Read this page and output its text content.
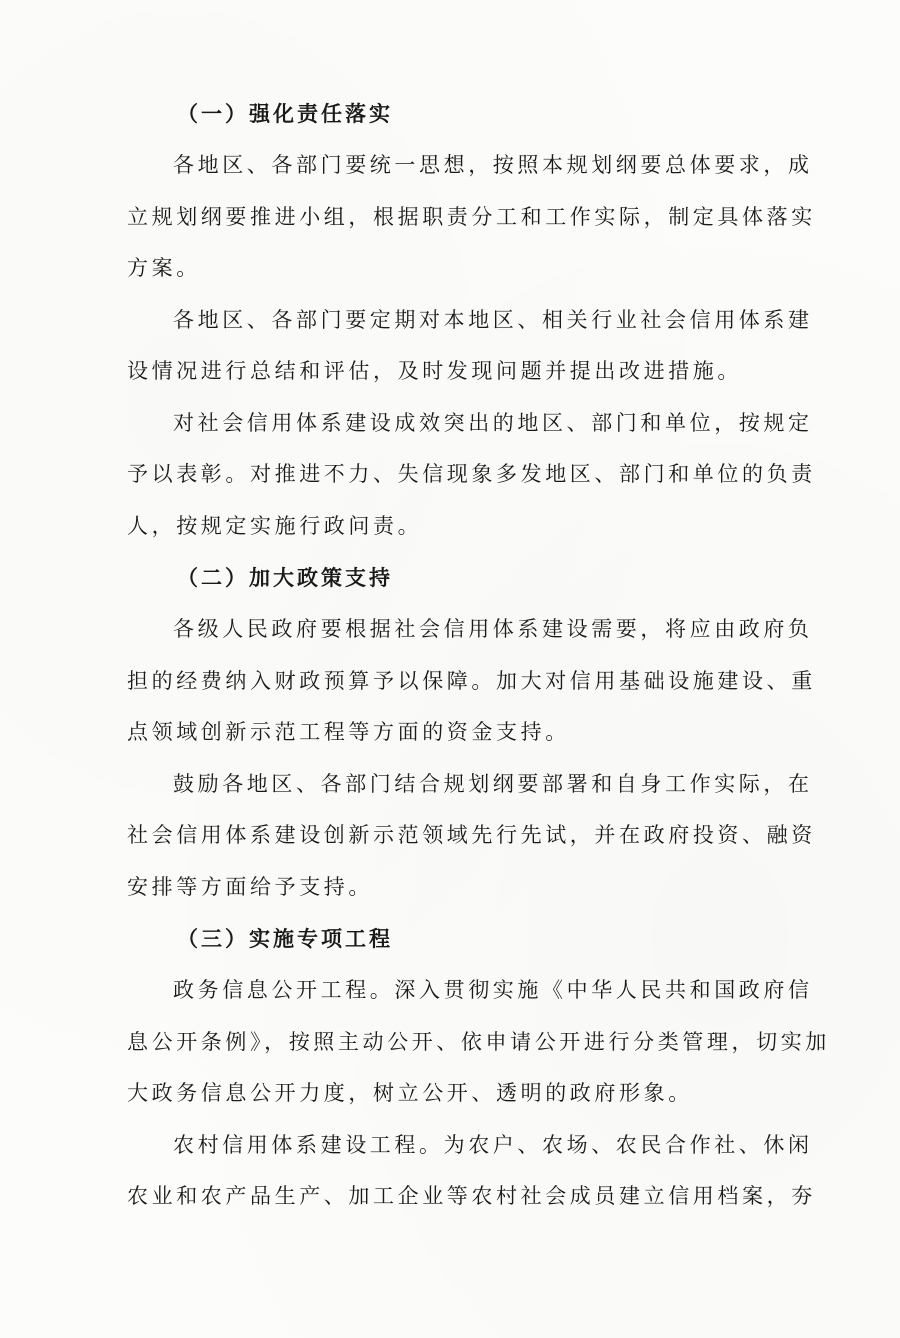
（一）强化责任落实

各地区、各部门要统一思想，按照本规划纲要总体要求，成
立规划纲要推进小组，根据职责分工和工作实际，制定具体落实
方案。

各地区、各部门要定期对本地区、相关行业社会信用体系建
设情况进行总结和评估，及时发现问题并提出改进措施。

对社会信用体系建设成效突出的地区、部门和单位，按规定
予以表彰。对推进不力、失信现象多发地区、部门和单位的负责
人，按规定实施行政问责。

（二）加大政策支持

各级人民政府要根据社会信用体系建设需要，将应由政府负
担的经费纳入财政预算予以保障。加大对信用基础设施建设、重
点领域创新示范工程等方面的资金支持。

鼓励各地区、各部门结合规划纲要部署和自身工作实际，在
社会信用体系建设创新示范领域先行先试，并在政府投资、融资
安排等方面给予支持。

（三）实施专项工程

政务信息公开工程。深入贯彻实施《中华人民共和国政府信
息公开条例》，按照主动公开、依申请公开进行分类管理，切实加
大政务信息公开力度，树立公开、透明的政府形象。

农村信用体系建设工程。为农户、农场、农民合作社、休闲
农业和农产品生产、加工企业等农村社会成员建立信用档案，夯
